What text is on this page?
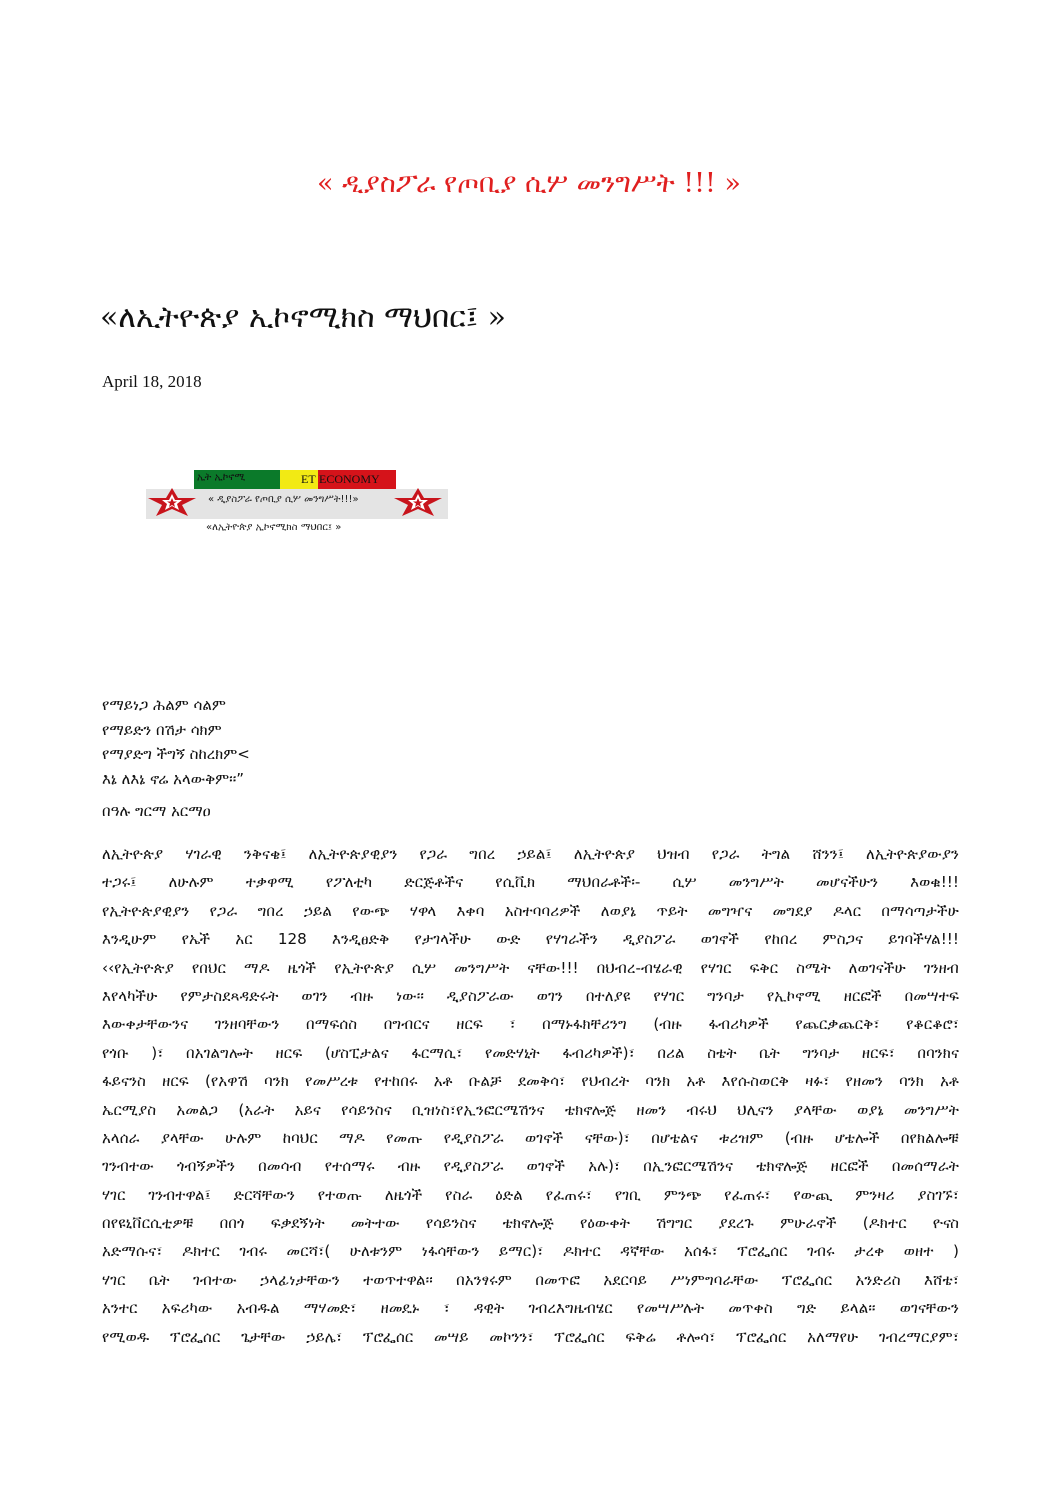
« ዲያስፖራ የጦቢያ ሲሦ መንግሥት !!! »
«ለኢትዮጵያ ኢኮኖሚክስ ማህበር፤ »
April 18, 2018
ኢት ኢኮኖሚ	ET ECONOMY
« ዲያስፖራ የጦቢያ ሲሦ መንግሥት!!!»
«ለኢትዮጵያ ኢኮኖሚክስ ማህበር፤ »
የማይነጋ ሕልም ሳልም
የማይድን በሽታ ሳክም
የማያድግ ችግኝ ስከረክም<
እኔ ለእኔ ኖሬ አላውቅም፡፡”
በዓሉ ግርማ አርማዐ
ለኢትዮጵያ ሃገራዊ ንቅናቄ፤ ለኢትዮጵያዊያን የጋራ ግበረ ኃይል፤ ለኢትዮጵያ ህዝብ የጋራ ትግል ሸንን፤ ለኢትዮጵያውያን
ተጋሩ፤ ለሁሉም ተቃዋሚ የፖለቲካ ድርጅቶችና የሲቪክ ማህበራቶች፡- ሲሦ መንግሥት መሆናችሁን እወቁ!!!
የኢትዮጵያዊያን የጋራ ግበረ ኃይል የውጭ ሃዋላ እቀባ አስተባባሪዎች ለወያኔ ጥይት መግዣና መግደያ ዶላር በማሳጣታችሁ
እንዲሁም የኤች አር 128 እንዲፀድቅ የታገላችሁ ውድ የሃገራችን ዲያስፖራ ወገኖች የከበረ ምስጋና ይገባችሃል!!!
‹‹የኢትዮጵያ የበህር ማዶ ዜጎች የኢትዮጵያ ሲሦ መንግሥት ናቸው!!! በህብረ-ብሄራዊ የሃገር ፍቅር ስሜት ለወገናችሁ ገንዘብ
እየላካችሁ የምታስደጻዳድሩት ወገን ብዙ ነው፡፡ ዲያስፖራው ወገን በተለያዩ የሃገር ግንባታ የኢኮኖሚ ዘርፎች በመሣተፍ
እውቀታቸውንና ገንዘባቸውን በማፍሰስ በግብርና ዘርፍ ፣ በማኑፋክቸሪንግ (ብዙ ፋብሪካዎች የጨርቃጨርቅ፣ የቆርቆሮ፣
የጎቡ )፣ በአገልግሎት ዘርፍ (ሆስፒታልና ፋርማሲ፣ የመድሃኒት ፋብሪካዎች)፣ በሪል ስቴት ቤት ግንባታ ዘርፍ፣ በባንክና
ፋይናንስ ዘርፍ (የአዋሽ ባንክ የመሥረቱ የተከበሩ አቶ ቡልቻ ደመቅሳ፣ የህብረት ባንክ አቶ እየሱስወርቅ ዛፉ፣ የዘመን ባንክ አቶ
ኤርሚያስ አመልጋ (አራት አይና የሳይንስና ቢዝነስ፣የኢንፎርሜሽንና ቴክኖሎጅ ዘመን ብሩህ ህሊናን ያላቸው ወያኔ መንግሥት
አላሰራ ያላቸው ሁሉም ከባህር ማዶ የመጡ የዲያስፖራ ወገኖች ናቸው)፣ በሆቴልና ቱሪዝም (ብዙ ሆቴሎች በየክልሎቹ
ገንብተው ጎብኝዎችን በመሳብ የተሰማሩ ብዙ የዲያስፖራ ወገኖች አሉ)፣ በኢንፎርሜሽንና ቴክኖሎጅ ዘርፎች በመሰማራት
ሃገር ገንብተዋል፤ ድርሻቸውን የተወጡ ለዜጎች የስራ ዕድል የፈጠሩ፣ የገቢ ምንጭ የፈጠሩ፣ የውጪ ምንዛሪ ያስገኙ፣
በየዩኒቨርሲቲዎቹ በበጎ ፍቃደኝነት መትተው የሳይንስና ቴክኖሎጅ የዕውቀት ሽግግር ያደረጉ ምሁራኖች (ዶክተር ዮናስ
አድማሱና፣ ዶክተር ገብሩ መርሻ፣( ሁለቱንም ነፋሳቸውን ይማር)፣ ዶክተር ዳኛቸው አሰፋ፣ ፕሮፌሰር ገብሩ ታረቀ ወዘተ )
ሃገር ቤት ገብተው ኃላፊነታቸውን ተወጥተዋል፡፡ በአንፃሩም በመጥፎ አደርባይ ሥነምግባራቸው ፕሮፌሰር አንድሪስ እሸቴ፣
አንተር አፍሪካው አብዱል ማሃመድ፣ ዘመዴኑ ፣ ዳዊት ገብረእግዜብሄር የመሣሥሉት መጥቀስ ግድ ይላል፡፡ ወገናቸውን
የሚወዱ ፕሮፌሰር ጌታቸው ኃይሌ፣ ፕሮፌሰር መሣይ መኮንን፣ ፕሮፌሰር ፍቅሬ ቶሎሳ፣ ፕሮፌሰር አለማየሁ ገብረማርያም፣
